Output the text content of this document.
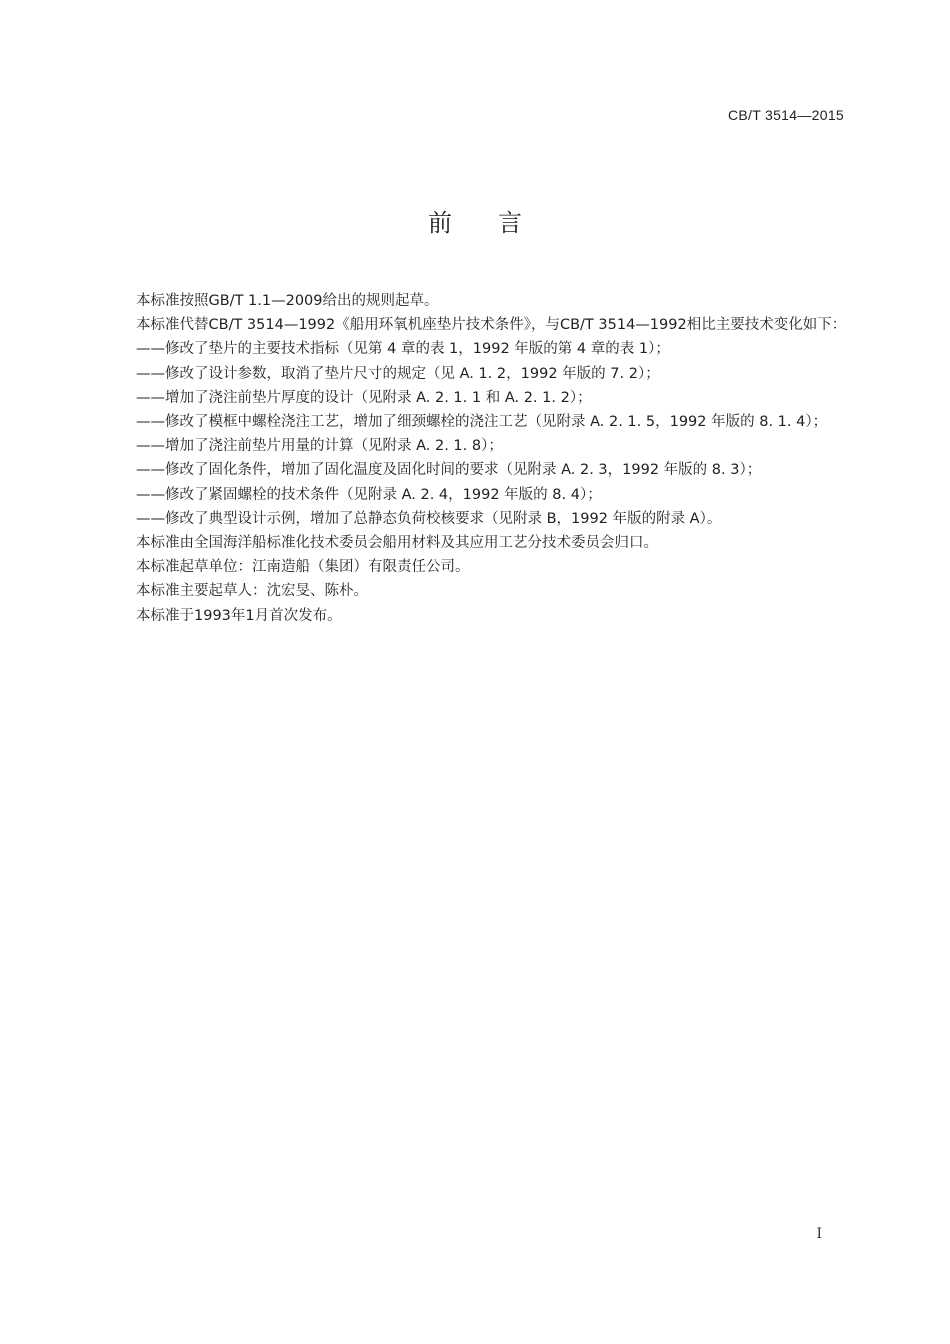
CB/T 3514—2015
前言

本标准按照GB/T 1.1—2009给出的规则起草。

本标准代替CB/T 3514—1992《船用环氧机座垫片技术条件》，与CB/T 3514—1992相比主要技术变化如下：

——修改了垫片的主要技术指标（见第 4 章的表 1，1992 年版的第 4 章的表 1）；

——修改了设计参数，取消了垫片尺寸的规定（见 A. 1. 2，1992 年版的 7. 2）；

——增加了浇注前垫片厚度的设计（见附录 A. 2. 1. 1 和 A. 2. 1. 2）；

——修改了模框中螺栓浇注工艺，增加了细颈螺栓的浇注工艺（见附录 A. 2. 1. 5，1992 年版的 8. 1. 4）；

——增加了浇注前垫片用量的计算（见附录 A. 2. 1. 8）；

——修改了固化条件，增加了固化温度及固化时间的要求（见附录 A. 2. 3，1992 年版的 8. 3）；

——修改了紧固螺栓的技术条件（见附录 A. 2. 4，1992 年版的 8. 4）；

——修改了典型设计示例，增加了总静态负荷校核要求（见附录 B，1992 年版的附录 A）。

本标准由全国海洋船标准化技术委员会船用材料及其应用工艺分技术委员会归口。

本标准起草单位：江南造船（集团）有限责任公司。

本标准主要起草人：沈宏旻、陈朴。

本标准于1993年1月首次发布。

I
